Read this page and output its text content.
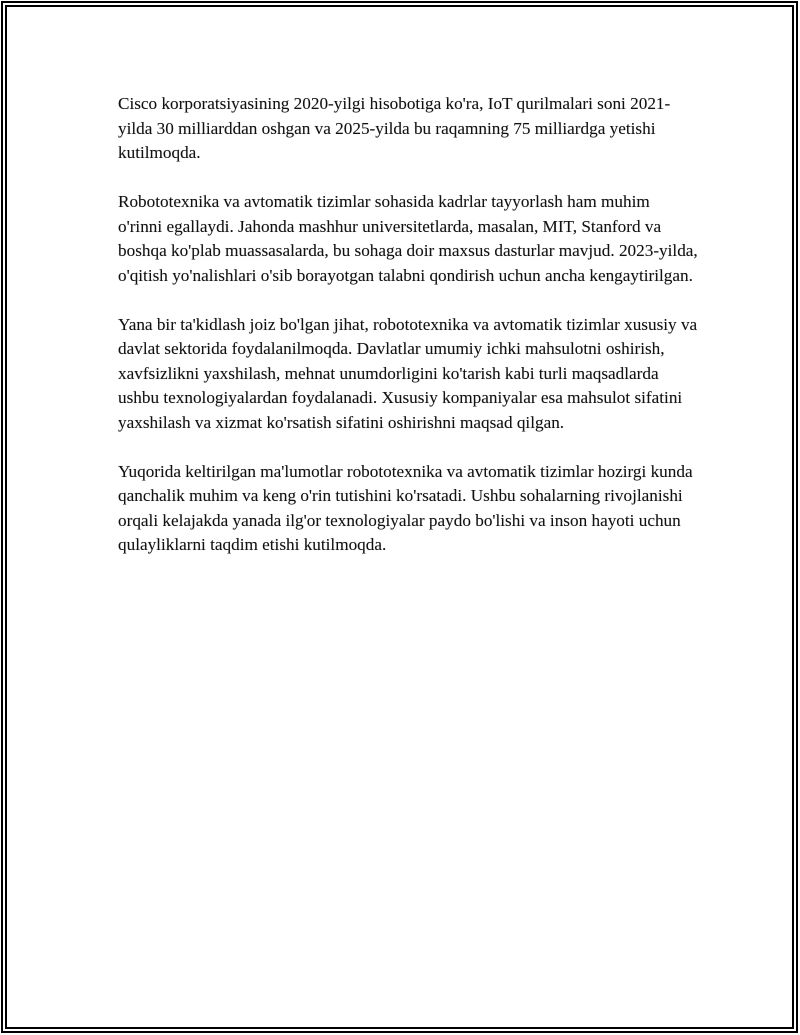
Cisco korporatsiyasining 2020-yilgi hisobotiga ko'ra, IoT qurilmalari soni 2021-yilda 30 milliarddan oshgan va 2025-yilda bu raqamning 75 milliardga yetishi kutilmoqda.

Robototexnika va avtomatik tizimlar sohasida kadrlar tayyorlash ham muhim o'rinni egallaydi. Jahonda mashhur universitetlarda, masalan, MIT, Stanford va boshqa ko'plab muassasalarda, bu sohaga doir maxsus dasturlar mavjud. 2023-yilda, o'qitish yo'nalishlari o'sib borayotgan talabni qondirish uchun ancha kengaytirilgan.

Yana bir ta'kidlash joiz bo'lgan jihat, robototexnika va avtomatik tizimlar xususiy va davlat sektorida foydalanilmoqda. Davlatlar umumiy ichki mahsulotni oshirish, xavfsizlikni yaxshilash, mehnat unumdorligini ko'tarish kabi turli maqsadlarda ushbu texnologiyalardan foydalanadi. Xususiy kompaniyalar esa mahsulot sifatini yaxshilash va xizmat ko'rsatish sifatini oshirishni maqsad qilgan.

Yuqorida keltirilgan ma'lumotlar robototexnika va avtomatik tizimlar hozirgi kunda qanchalik muhim va keng o'rin tutishini ko'rsatadi. Ushbu sohalarning rivojlanishi orqali kelajakda yanada ilg'or texnologiyalar paydo bo'lishi va inson hayoti uchun qulayliklarni taqdim etishi kutilmoqda.
